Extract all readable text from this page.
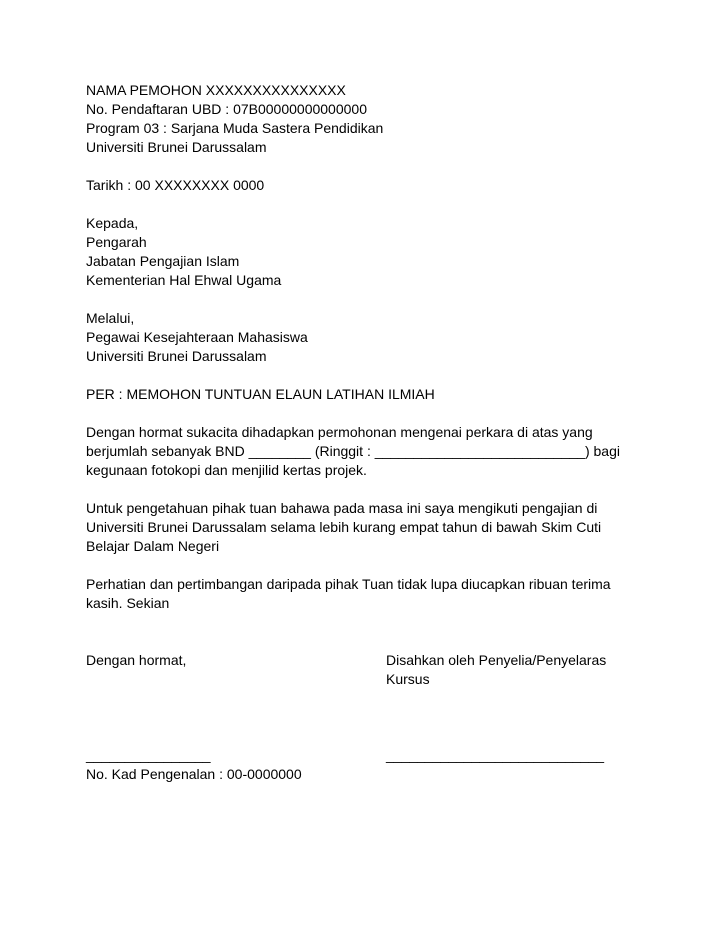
NAMA PEMOHON XXXXXXXXXXXXXXX
No. Pendaftaran UBD : 07B00000000000000
Program 03 : Sarjana Muda Sastera Pendidikan
Universiti Brunei Darussalam
Tarikh : 00 XXXXXXXX 0000
Kepada,
Pengarah
Jabatan Pengajian Islam
Kementerian Hal Ehwal Ugama
Melalui,
Pegawai Kesejahteraan Mahasiswa
Universiti Brunei Darussalam
PER : MEMOHON TUNTUAN ELAUN LATIHAN ILMIAH
Dengan hormat sukacita dihadapkan permohonan mengenai perkara di atas yang berjumlah sebanyak BND ________ (Ringgit : ___________________________) bagi kegunaan fotokopi dan menjilid kertas projek.
Untuk pengetahuan pihak tuan bahawa pada masa ini saya mengikuti pengajian di Universiti Brunei Darussalam selama lebih kurang empat tahun di bawah Skim Cuti Belajar Dalam Negeri
Perhatian dan pertimbangan daripada pihak Tuan tidak lupa diucapkan ribuan terima kasih. Sekian
Dengan hormat,	Disahkan oleh Penyelia/Penyelaras
Kursus
________________	____________________________
No. Kad Pengenalan : 00-0000000
